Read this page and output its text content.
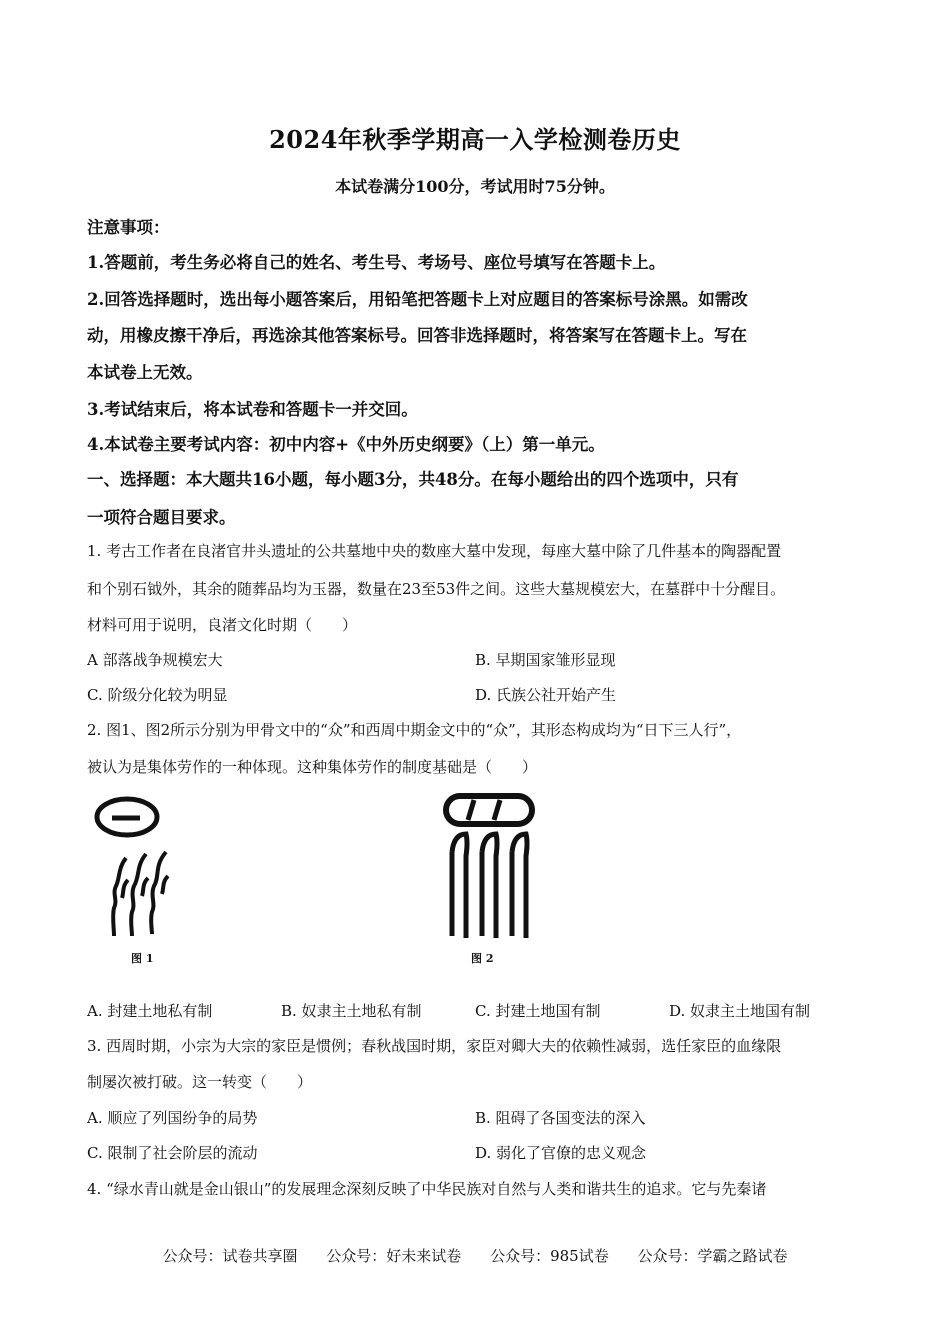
2024年秋季学期高一入学检测卷历史
本试卷满分100分，考试用时75分钟。
注意事项：
1.答题前，考生务必将自己的姓名、考生号、考场号、座位号填写在答题卡上。
2.回答选择题时，选出每小题答案后，用铅笔把答题卡上对应题目的答案标号涂黑。如需改
动，用橡皮擦干净后，再选涂其他答案标号。回答非选择题时，将答案写在答题卡上。写在
本试卷上无效。
3.考试结束后，将本试卷和答题卡一并交回。
4.本试卷主要考试内容：初中内容+《中外历史纲要》（上）第一单元。
一、选择题：本大题共16小题，每小题3分，共48分。在每小题给出的四个选项中，只有
一项符合题目要求。
1. 考古工作者在良渚官井头遗址的公共墓地中央的数座大墓中发现，每座大墓中除了几件基本的陶器配置
和个别石钺外，其余的随葬品均为玉器，数量在23至53件之间。这些大墓规模宏大，在墓群中十分醒目。
材料可用于说明，良渚文化时期（　　）
A 部落战争规模宏大	B. 早期国家雏形显现
C. 阶级分化较为明显	D. 氏族公社开始产生
2. 图1、图2所示分别为甲骨文中的“众”和西周中期金文中的“众”，其形态构成均为“日下三人行”，
被认为是集体劳作的一种体现。这种集体劳作的制度基础是（　　）
图 1	图 2
A. 封建土地私有制	B. 奴隶主土地私有制	C. 封建土地国有制	D. 奴隶主土地国有制
3. 西周时期，小宗为大宗的家臣是惯例；春秋战国时期，家臣对卿大夫的依赖性减弱，选任家臣的血缘限
制屡次被打破。这一转变（　　）
A. 顺应了列国纷争的局势	B. 阻碍了各国变法的深入
C. 限制了社会阶层的流动	D. 弱化了官僚的忠义观念
4. “绿水青山就是金山银山”的发展理念深刻反映了中华民族对自然与人类和谐共生的追求。它与先秦诸
公众号：试卷共享圈 公众号：好未来试卷 公众号：985试卷 公众号：学霸之路试卷
